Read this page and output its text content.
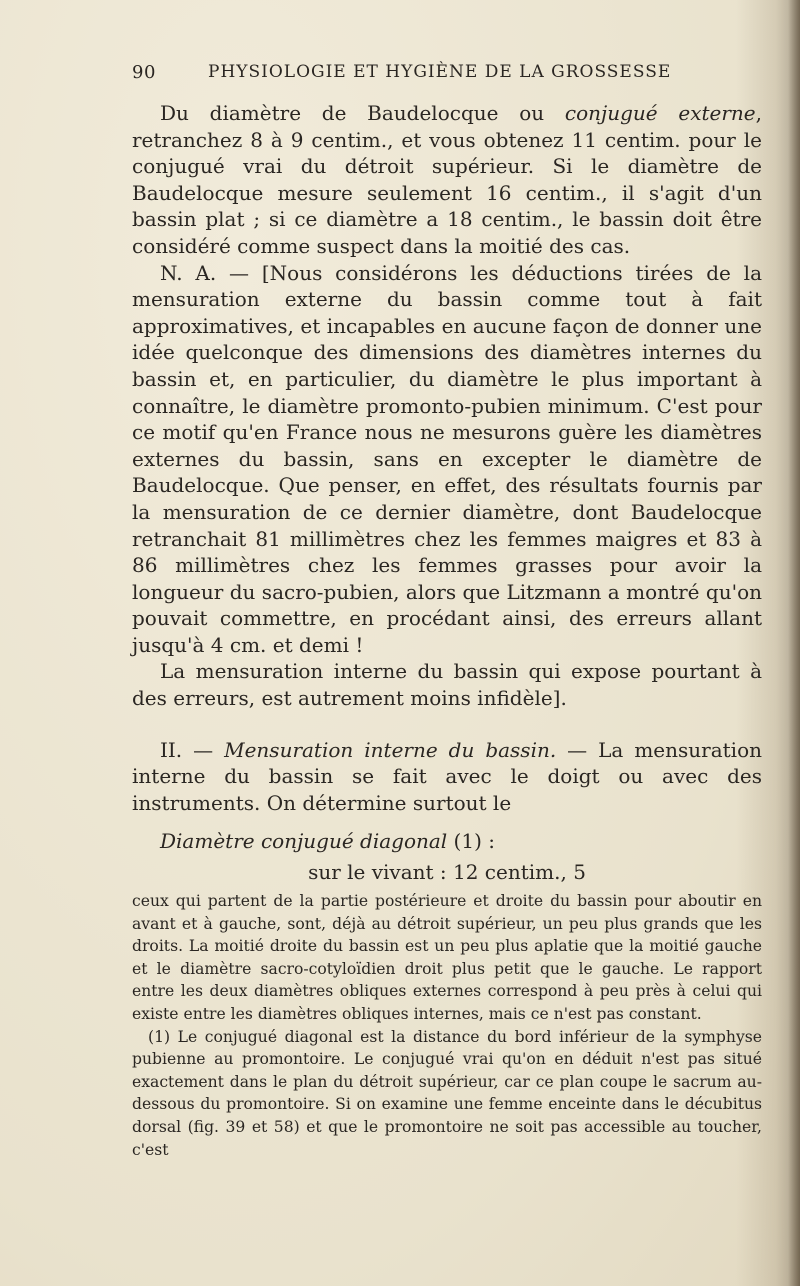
90	PHYSIOLOGIE ET HYGIÈNE DE LA GROSSESSE

Du diamètre de Baudelocque ou conjugué externe, retranchez 8 à 9 centim., et vous obtenez 11 centim. pour le conjugué vrai du détroit supérieur. Si le diamètre de Baudelocque mesure seulement 16 centim., il s'agit d'un bassin plat ; si ce diamètre a 18 centim., le bassin doit être considéré comme suspect dans la moitié des cas.

N. A. — [Nous considérons les déductions tirées de la mensuration externe du bassin comme tout à fait approximatives, et incapables en aucune façon de donner une idée quelconque des dimensions des diamètres internes du bassin et, en particulier, du diamètre le plus important à connaître, le diamètre promonto-pubien minimum. C'est pour ce motif qu'en France nous ne mesurons guère les diamètres externes du bassin, sans en excepter le diamètre de Baudelocque. Que penser, en effet, des résultats fournis par la mensuration de ce dernier diamètre, dont Baudelocque retranchait 81 millimètres chez les femmes maigres et 83 à 86 millimètres chez les femmes grasses pour avoir la longueur du sacro-pubien, alors que Litzmann a montré qu'on pouvait commettre, en procédant ainsi, des erreurs allant jusqu'à 4 cm. et demi !

La mensuration interne du bassin qui expose pourtant à des erreurs, est autrement moins infidèle].

II. — Mensuration interne du bassin. — La mensuration interne du bassin se fait avec le doigt ou avec des instruments. On détermine surtout le

Diamètre conjugué diagonal (1) :

sur le vivant : 12 centim., 5

ceux qui partent de la partie postérieure et droite du bassin pour aboutir en avant et à gauche, sont, déjà au détroit supérieur, un peu plus grands que les droits. La moitié droite du bassin est un peu plus aplatie que la moitié gauche et le diamètre sacro-cotyloïdien droit plus petit que le gauche. Le rapport entre les deux diamètres obliques externes correspond à peu près à celui qui existe entre les diamètres obliques internes, mais ce n'est pas constant.

(1) Le conjugué diagonal est la distance du bord inférieur de la symphyse pubienne au promontoire. Le conjugué vrai qu'on en déduit n'est pas situé exactement dans le plan du détroit supérieur, car ce plan coupe le sacrum au-dessous du promontoire. Si on examine une femme enceinte dans le décubitus dorsal (fig. 39 et 58) et que le promontoire ne soit pas accessible au toucher, c'est
